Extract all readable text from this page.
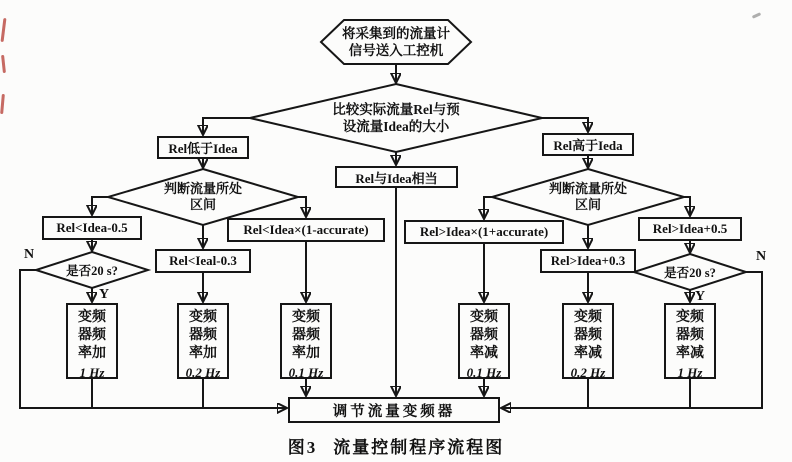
将采集到的流量计
信号送入工控机
比较实际流量Rel与预
设流量Idea的大小
判断流量所处
区间
判断流量所处
区间
是否20 s?	是否20 s?
N
Y
N
Y
Rel低于Idea
Rel与Idea相当
Rel高于Ieda
Rel<Idea-0.5
Rel<Ieal-0.3
Rel<Idea×(1-accurate)	Rel>Idea×(1+accurate)
Rel>Idea+0.3
Rel>Idea+0.5
变频
器频
率加
1 Hz
变频
器频
率加
0.2 Hz
变频
器频
率加
0.1 Hz
变频
器频
率减
0.1 Hz
变频
器频
率减
0.2 Hz
变频
器频
率减
1 Hz
调节流量变频器
图3 流量控制程序流程图
